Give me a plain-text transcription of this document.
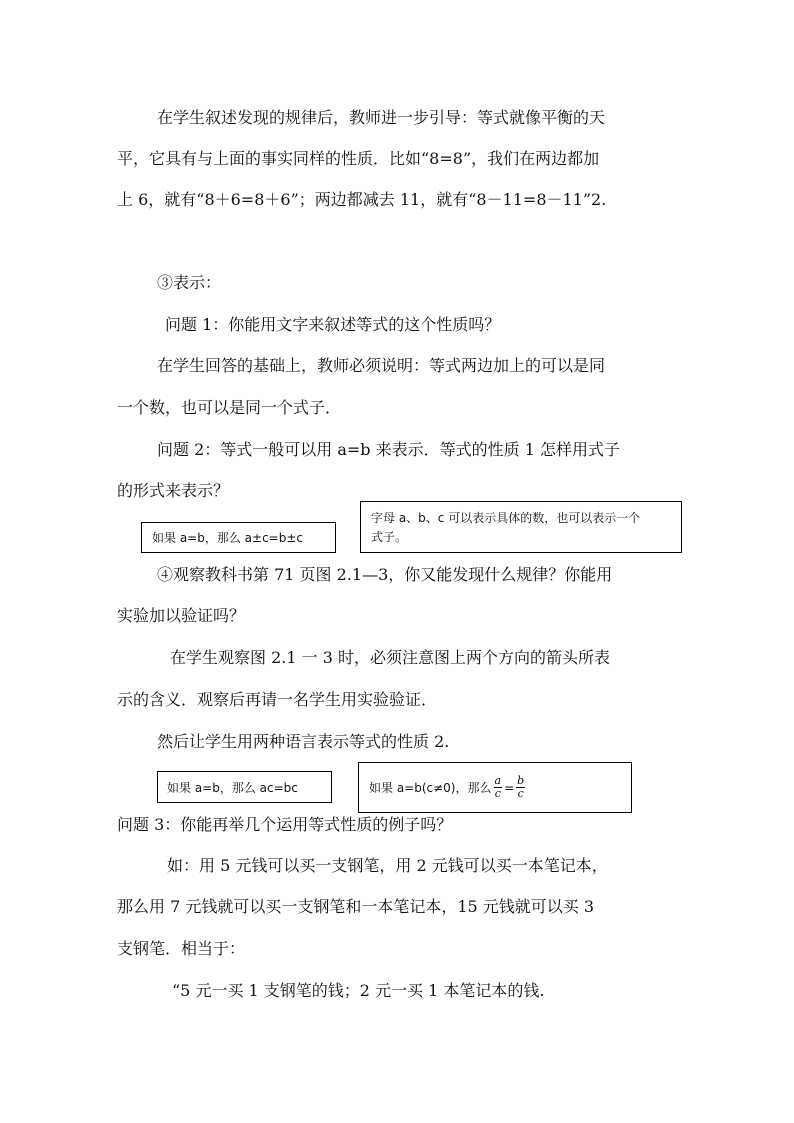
在学生叙述发现的规律后，教师进一步引导：等式就像平衡的天
平，它具有与上面的事实同样的性质．比如“8=8”，我们在两边都加
上 6，就有“8＋6=8＋6”；两边都减去 11，就有“8－11=8－11”2.
③表示：
问题 1：你能用文字来叙述等式的这个性质吗？
在学生回答的基础上，教师必须说明：等式两边加上的可以是同
一个数，也可以是同一个式子．
问题 2：等式一般可以用 a=b 来表示．等式的性质 1 怎样用式子
的形式来表示？
如果 a=b，那么 a±c=b±c
字母 a、b、c 可以表示具体的数，也可以表示一个
式子。
④观察教科书第 71 页图 2.1—3，你又能发现什么规律？你能用
实验加以验证吗？
在学生观察图 2.1 一 3 时，必须注意图上两个方向的箭头所表
示的含义．观察后再请一名学生用实验验证．
然后让学生用两种语言表示等式的性质 2.
如果 a=b，那么 ac=bc	如果 a=b(c≠0)，那么 $\frac{a}{c} = \frac{b}{c}$
问题 3：你能再举几个运用等式性质的例子吗？
如：用 5 元钱可以买一支钢笔，用 2 元钱可以买一本笔记本，
那么用 7 元钱就可以买一支钢笔和一本笔记本，15 元钱就可以买 3
支钢笔．相当于：
“5 元一买 1 支钢笔的钱；2 元一买 1 本笔记本的钱.
